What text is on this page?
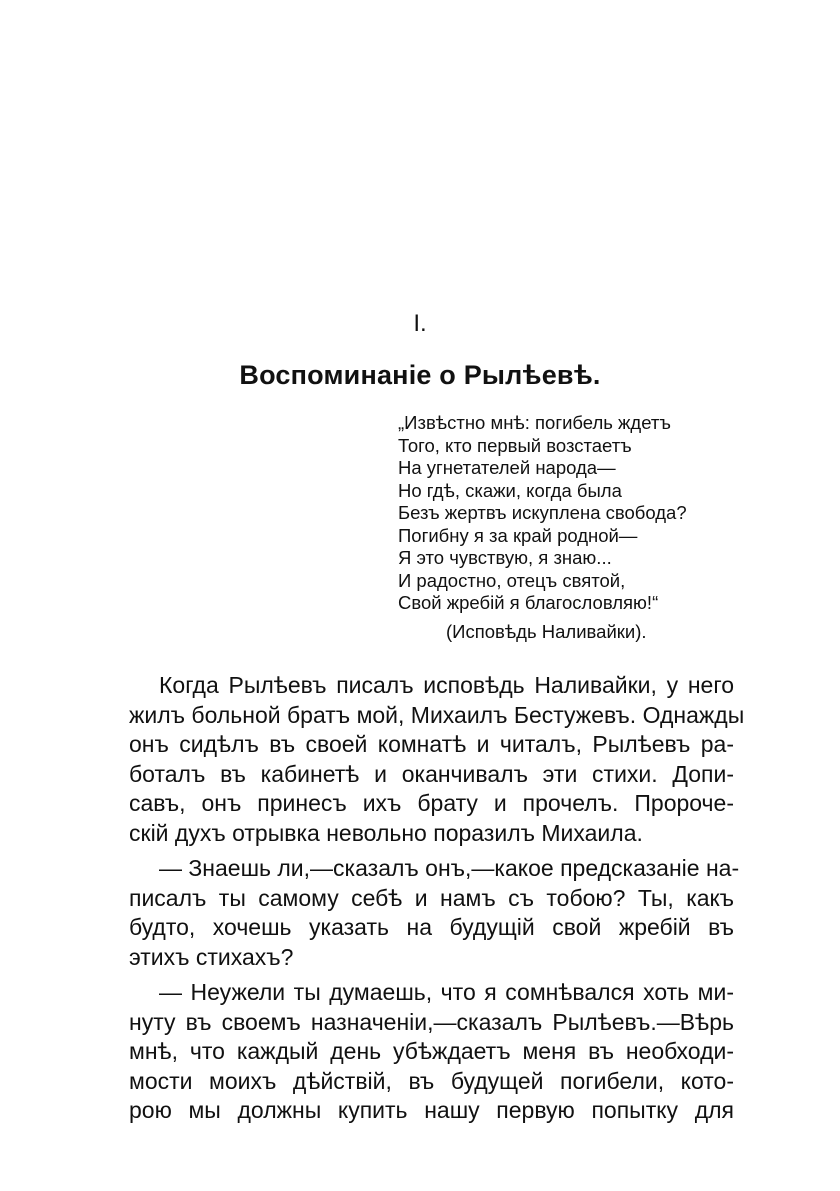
I.
Воспоминаніе о Рылѣевѣ.
„Извѣстно мнѣ: погибель ждетъ
Того, кто первый возстаетъ
На угнетателей народа—
Но гдѣ, скажи, когда была
Безъ жертвъ искуплена свобода?
Погибну я за край родной—
Я это чувствую, я знаю...
И радостно, отецъ святой,
Свой жребій я благословляю!“
(Исповѣдь Наливайки).
Когда Рылѣевъ писалъ исповѣдь Наливайки, у него
жилъ больной братъ мой, Михаилъ Бестужевъ. Однажды
онъ сидѣлъ въ своей комнатѣ и читалъ, Рылѣевъ ра-
боталъ въ кабинетѣ и оканчивалъ эти стихи. Допи-
савъ, онъ принесъ ихъ брату и прочелъ. Пророче-
скій духъ отрывка невольно поразилъ Михаила.
— Знаешь ли,—сказалъ онъ,—какое предсказаніе на-
писалъ ты самому себѣ и намъ съ тобою? Ты, какъ
будто, хочешь указать на будущій свой жребій въ
этихъ стихахъ?
— Неужели ты думаешь, что я сомнѣвался хоть ми-
нуту въ своемъ назначеніи,—сказалъ Рылѣевъ.—Вѣрь
мнѣ, что каждый день убѣждаетъ меня въ необходи-
мости моихъ дѣйствій, въ будущей погибели, кото-
рою мы должны купить нашу первую попытку для
